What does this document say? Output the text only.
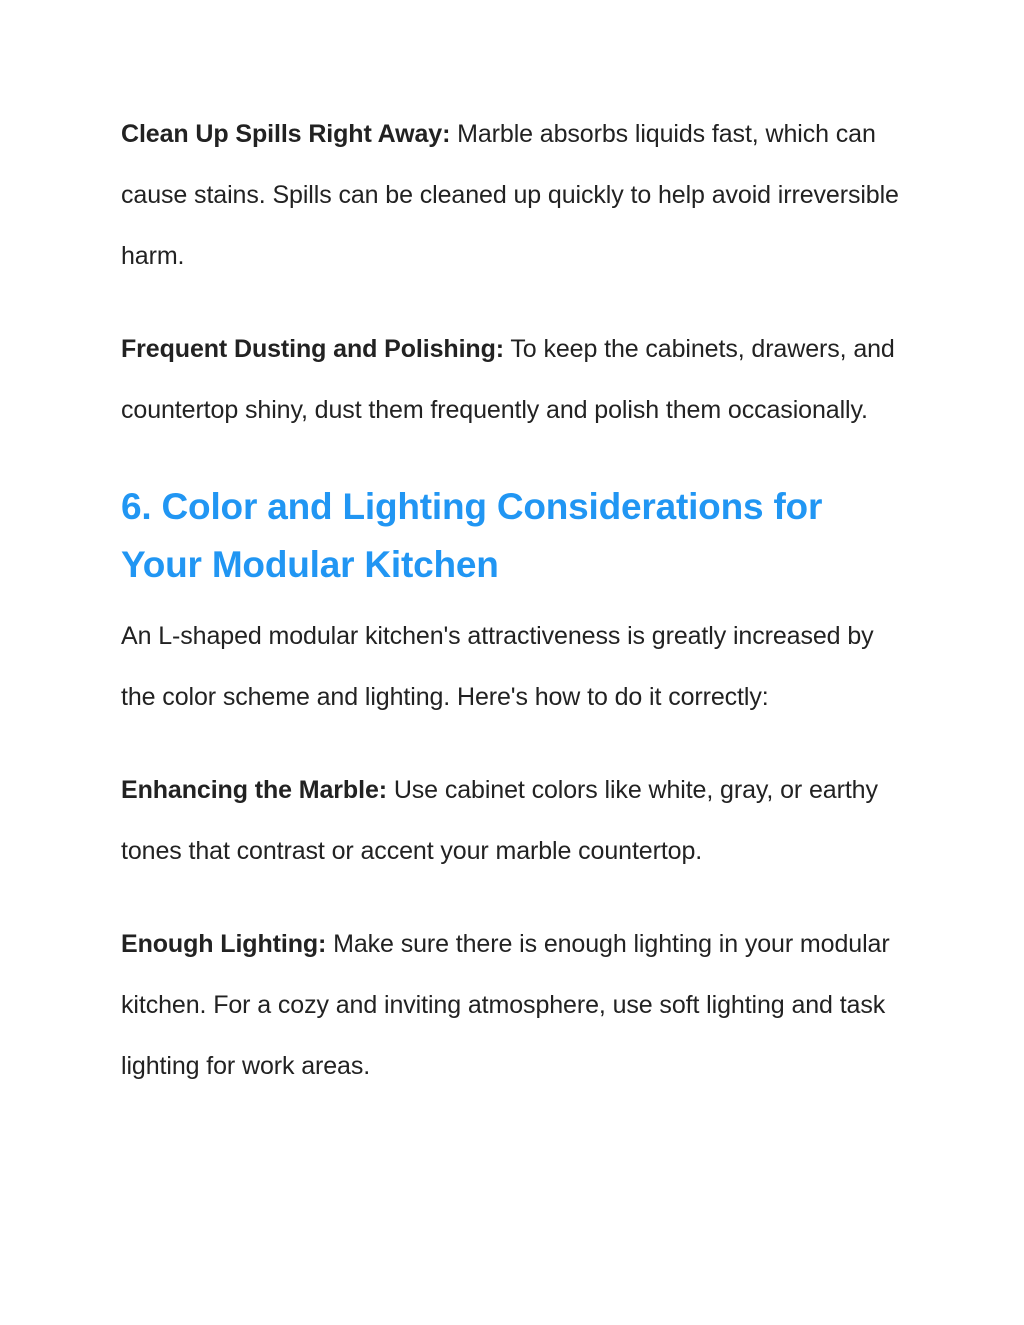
Clean Up Spills Right Away: Marble absorbs liquids fast, which can cause stains. Spills can be cleaned up quickly to help avoid irreversible harm.

Frequent Dusting and Polishing: To keep the cabinets, drawers, and countertop shiny, dust them frequently and polish them occasionally.

6. Color and Lighting Considerations for Your Modular Kitchen

An L-shaped modular kitchen's attractiveness is greatly increased by the color scheme and lighting. Here's how to do it correctly:

Enhancing the Marble: Use cabinet colors like white, gray, or earthy tones that contrast or accent your marble countertop.

Enough Lighting: Make sure there is enough lighting in your modular kitchen. For a cozy and inviting atmosphere, use soft lighting and task lighting for work areas.
